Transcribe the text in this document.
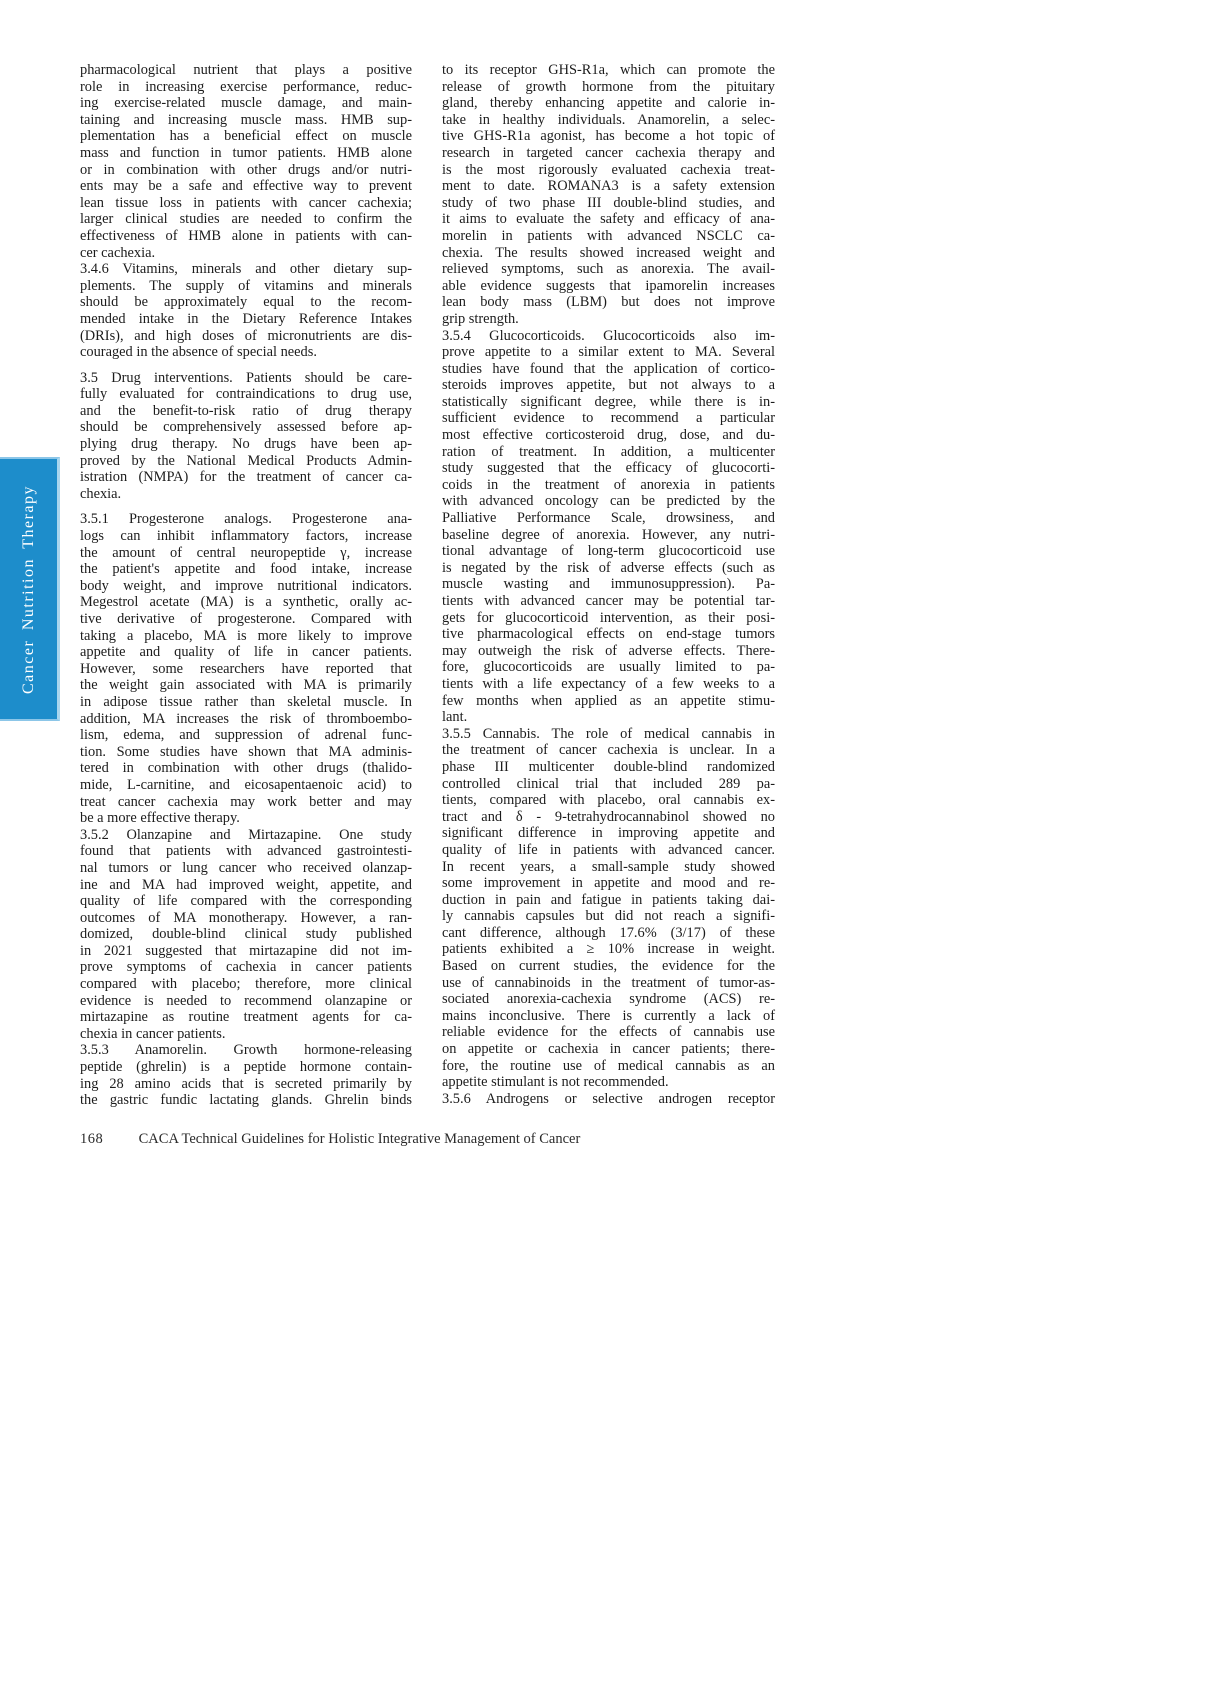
Cancer Nutrition Therapy
pharmacological nutrient that plays a positive
role in increasing exercise performance, reduc-
ing exercise-related muscle damage, and main-
taining and increasing muscle mass. HMB sup-
plementation has a beneficial effect on muscle
mass and function in tumor patients. HMB alone
or in combination with other drugs and/or nutri-
ents may be a safe and effective way to prevent
lean tissue loss in patients with cancer cachexia;
larger clinical studies are needed to confirm the
effectiveness of HMB alone in patients with can-
cer cachexia.
3.4.6 Vitamins, minerals and other dietary sup-
plements. The supply of vitamins and minerals
should be approximately equal to the recom-
mended intake in the Dietary Reference Intakes
(DRIs), and high doses of micronutrients are dis-
couraged in the absence of special needs.
3.5 Drug interventions. Patients should be care-
fully evaluated for contraindications to drug use,
and the benefit-to-risk ratio of drug therapy
should be comprehensively assessed before ap-
plying drug therapy. No drugs have been ap-
proved by the National Medical Products Admin-
istration (NMPA) for the treatment of cancer ca-
chexia.
3.5.1 Progesterone analogs. Progesterone ana-
logs can inhibit inflammatory factors, increase
the amount of central neuropeptide γ, increase
the patient's appetite and food intake, increase
body weight, and improve nutritional indicators.
Megestrol acetate (MA) is a synthetic, orally ac-
tive derivative of progesterone. Compared with
taking a placebo, MA is more likely to improve
appetite and quality of life in cancer patients.
However, some researchers have reported that
the weight gain associated with MA is primarily
in adipose tissue rather than skeletal muscle. In
addition, MA increases the risk of thromboembo-
lism, edema, and suppression of adrenal func-
tion. Some studies have shown that MA adminis-
tered in combination with other drugs (thalido-
mide, L-carnitine, and eicosapentaenoic acid) to
treat cancer cachexia may work better and may
be a more effective therapy.
3.5.2 Olanzapine and Mirtazapine. One study
found that patients with advanced gastrointesti-
nal tumors or lung cancer who received olanzap-
ine and MA had improved weight, appetite, and
quality of life compared with the corresponding
outcomes of MA monotherapy. However, a ran-
domized, double-blind clinical study published
in 2021 suggested that mirtazapine did not im-
prove symptoms of cachexia in cancer patients
compared with placebo; therefore, more clinical
evidence is needed to recommend olanzapine or
mirtazapine as routine treatment agents for ca-
chexia in cancer patients.
3.5.3 Anamorelin. Growth hormone-releasing
peptide (ghrelin) is a peptide hormone contain-
ing 28 amino acids that is secreted primarily by
the gastric fundic lactating glands. Ghrelin binds
to its receptor GHS-R1a, which can promote the
release of growth hormone from the pituitary
gland, thereby enhancing appetite and calorie in-
take in healthy individuals. Anamorelin, a selec-
tive GHS-R1a agonist, has become a hot topic of
research in targeted cancer cachexia therapy and
is the most rigorously evaluated cachexia treat-
ment to date. ROMANA3 is a safety extension
study of two phase III double-blind studies, and
it aims to evaluate the safety and efficacy of ana-
morelin in patients with advanced NSCLC ca-
chexia. The results showed increased weight and
relieved symptoms, such as anorexia. The avail-
able evidence suggests that ipamorelin increases
lean body mass (LBM) but does not improve
grip strength.
3.5.4 Glucocorticoids. Glucocorticoids also im-
prove appetite to a similar extent to MA. Several
studies have found that the application of cortico-
steroids improves appetite, but not always to a
statistically significant degree, while there is in-
sufficient evidence to recommend a particular
most effective corticosteroid drug, dose, and du-
ration of treatment. In addition, a multicenter
study suggested that the efficacy of glucocorti-
coids in the treatment of anorexia in patients
with advanced oncology can be predicted by the
Palliative Performance Scale, drowsiness, and
baseline degree of anorexia. However, any nutri-
tional advantage of long-term glucocorticoid use
is negated by the risk of adverse effects (such as
muscle wasting and immunosuppression). Pa-
tients with advanced cancer may be potential tar-
gets for glucocorticoid intervention, as their posi-
tive pharmacological effects on end-stage tumors
may outweigh the risk of adverse effects. There-
fore, glucocorticoids are usually limited to pa-
tients with a life expectancy of a few weeks to a
few months when applied as an appetite stimu-
lant.
3.5.5 Cannabis. The role of medical cannabis in
the treatment of cancer cachexia is unclear. In a
phase III multicenter double-blind randomized
controlled clinical trial that included 289 pa-
tients, compared with placebo, oral cannabis ex-
tract and δ - 9-tetrahydrocannabinol showed no
significant difference in improving appetite and
quality of life in patients with advanced cancer.
In recent years, a small-sample study showed
some improvement in appetite and mood and re-
duction in pain and fatigue in patients taking dai-
ly cannabis capsules but did not reach a signifi-
cant difference, although 17.6% (3/17) of these
patients exhibited a ≥ 10% increase in weight.
Based on current studies, the evidence for the
use of cannabinoids in the treatment of tumor-as-
sociated anorexia-cachexia syndrome (ACS) re-
mains inconclusive. There is currently a lack of
reliable evidence for the effects of cannabis use
on appetite or cachexia in cancer patients; there-
fore, the routine use of medical cannabis as an
appetite stimulant is not recommended.
3.5.6 Androgens or selective androgen receptor
168 CACA Technical Guidelines for Holistic Integrative Management of Cancer
